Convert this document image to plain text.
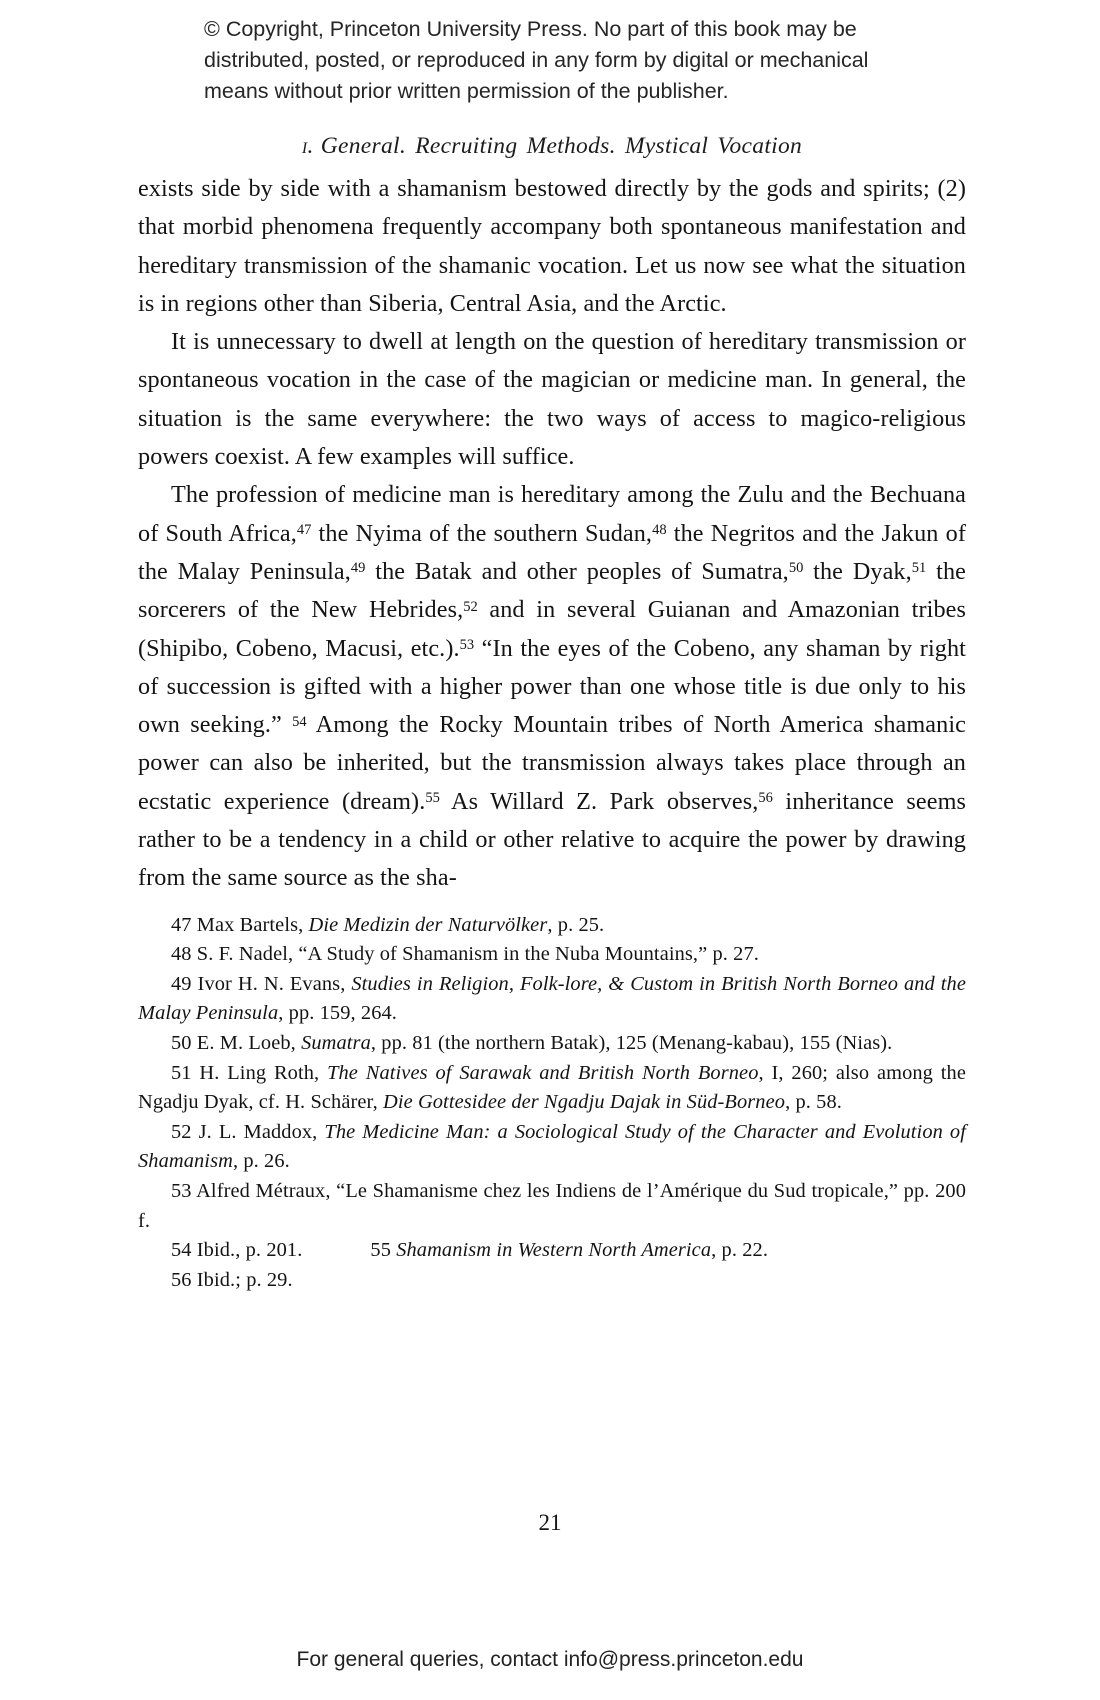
© Copyright, Princeton University Press. No part of this book may be
distributed, posted, or reproduced in any form by digital or mechanical
means without prior written permission of the publisher.
i. General. Recruiting Methods. Mystical Vocation

exists side by side with a shamanism bestowed directly by the gods and spirits; (2) that morbid phenomena frequently accompany both spontaneous manifestation and hereditary transmission of the shamanic vocation. Let us now see what the situation is in regions other than Siberia, Central Asia, and the Arctic.

It is unnecessary to dwell at length on the question of hereditary transmission or spontaneous vocation in the case of the magician or medicine man. In general, the situation is the same everywhere: the two ways of access to magico-religious powers coexist. A few examples will suffice.

The profession of medicine man is hereditary among the Zulu and the Bechuana of South Africa,$^{47}$ the Nyima of the southern Sudan,$^{48}$ the Negritos and the Jakun of the Malay Peninsula,$^{49}$ the Batak and other peoples of Sumatra,$^{50}$ the Dyak,$^{51}$ the sorcerers of the New Hebrides,$^{52}$ and in several Guianan and Amazonian tribes (Shipibo, Cobeno, Macusi, etc.).$^{53}$ “In the eyes of the Cobeno, any shaman by right of succession is gifted with a higher power than one whose title is due only to his own seeking.” $^{54}$ Among the Rocky Mountain tribes of North America shamanic power can also be inherited, but the transmission always takes place through an ecstatic experience (dream).$^{55}$ As Willard Z. Park observes,$^{56}$ inheritance seems rather to be a tendency in a child or other relative to acquire the power by drawing from the same source as the sha-

47 Max Bartels, Die Medizin der Naturvölker, p. 25.
48 S. F. Nadel, “A Study of Shamanism in the Nuba Mountains,” p. 27.
49 Ivor H. N. Evans, Studies in Religion, Folk-lore, & Custom in British North Borneo and the Malay Peninsula, pp. 159, 264.
50 E. M. Loeb, Sumatra, pp. 81 (the northern Batak), 125 (Menang-kabau), 155 (Nias).
51 H. Ling Roth, The Natives of Sarawak and British North Borneo, I, 260; also among the Ngadju Dyak, cf. H. Schärer, Die Gottesidee der Ngadju Dajak in Süd-Borneo, p. 58.
52 J. L. Maddox, The Medicine Man: a Sociological Study of the Character and Evolution of Shamanism, p. 26.
53 Alfred Métraux, “Le Shamanisme chez les Indiens de l’Amérique du Sud tropicale,” pp. 200 f.
54 Ibid., p. 201.	55 Shamanism in Western North America, p. 22.
56 Ibid.; p. 29.
21
For general queries, contact info@press.princeton.edu
